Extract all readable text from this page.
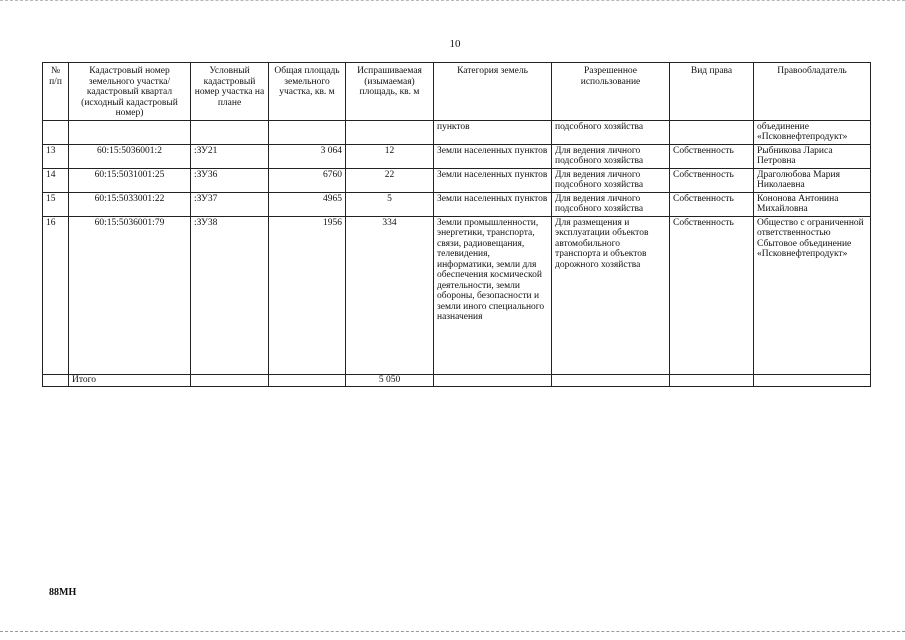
10
№ п/п	Кадастровый номер земельного участка/ кадастровый квартал (исходный кадастровый номер)	Условный кадастровый номер участка на плане	Общая площадь земельного участка, кв. м	Испрашиваемая (изымаемая) площадь, кв. м	Категория земель	Разрешенное использование	Вид права	Правообладатель
					пунктов	подсобного хозяйства		объединение «Псковнефтепродукт»
13	60:15:5036001:2	:ЗУ21	3 064	12	Земли населенных пунктов	Для ведения личного подсобного хозяйства	Собственность	Рыбникова Лариса Петровна
14	60:15:5031001:25	:ЗУ36	6760	22	Земли населенных пунктов	Для ведения личного подсобного хозяйства	Собственность	Драголюбова Мария Николаевна
15	60:15:5033001:22	:ЗУ37	4965	5	Земли населенных пунктов	Для ведения личного подсобного хозяйства	Собственность	Кононова Антонина Михайловна
16	60:15:5036001:79	:ЗУ38	1956	334	Земли промышленности, энергетики, транспорта, связи, радиовещания, телевидения, информатики, земли для обеспечения космической деятельности, земли обороны, безопасности и земли иного специального назначения	Для размещения и эксплуатации объектов автомобильного транспорта и объектов дорожного хозяйства	Собственность	Общество с ограниченной ответственностью Сбытовое объединение «Псковнефтепродукт»
	Итого			5 050				
88МН
